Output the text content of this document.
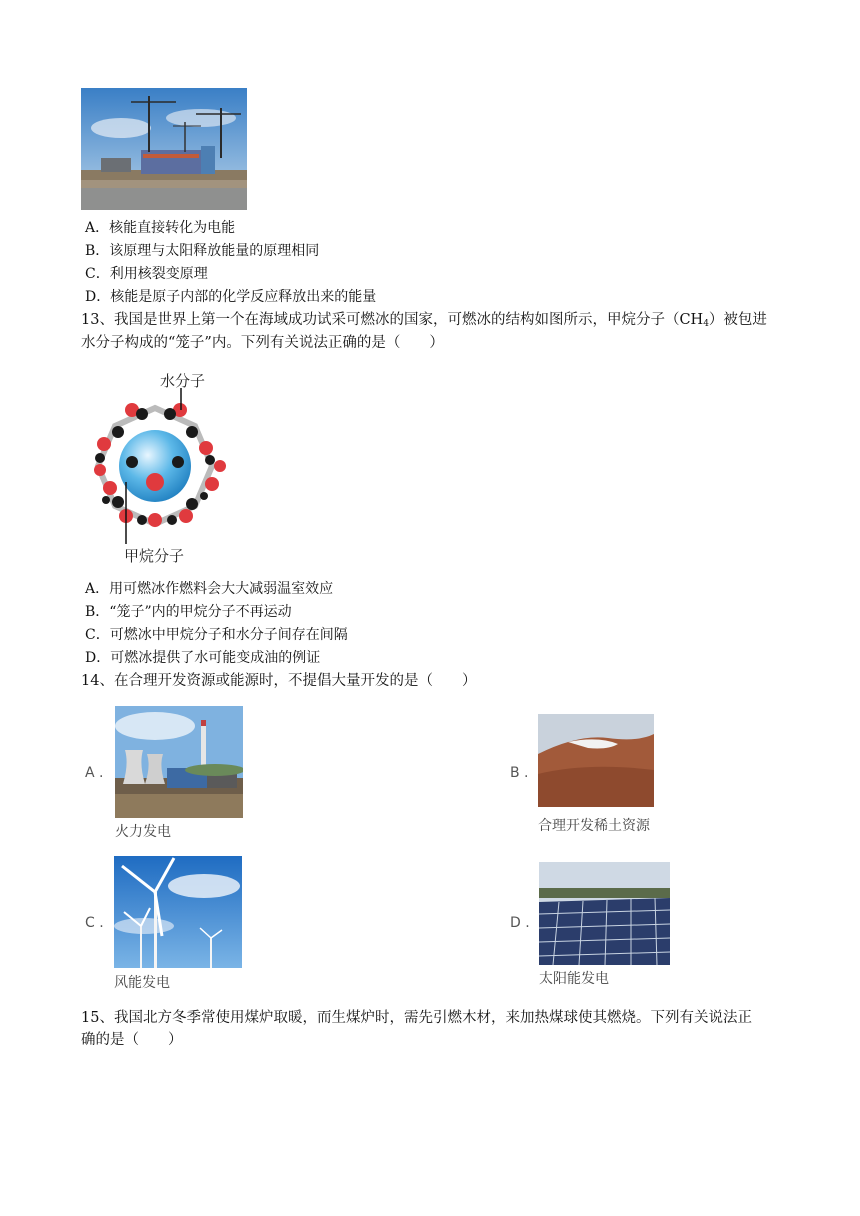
A．核能直接转化为电能
B．该原理与太阳释放能量的原理相同
C．利用核裂变原理
D．核能是原子内部的化学反应释放出来的能量
13、我国是世界上第一个在海域成功试采可燃冰的国家，可燃冰的结构如图所示，甲烷分子$(CH_4)$被包进
水分子构成的“笼子”内。下列有关说法正确的是（　　）
水分子
甲烷分子
A．用可燃冰作燃料会大大减弱温室效应
B．“笼子”内的甲烷分子不再运动
C．可燃冰中甲烷分子和水分子间存在间隔
D．可燃冰提供了水可能变成油的例证
14、在合理开发资源或能源时，不提倡大量开发的是（　　）
A .
火力发电
B .
合理开发稀土资源
C .
风能发电
D .
太阳能发电
15、我国北方冬季常使用煤炉取暖，而生煤炉时，需先引燃木材，来加热煤球使其燃烧。下列有关说法正
确的是（　　）
